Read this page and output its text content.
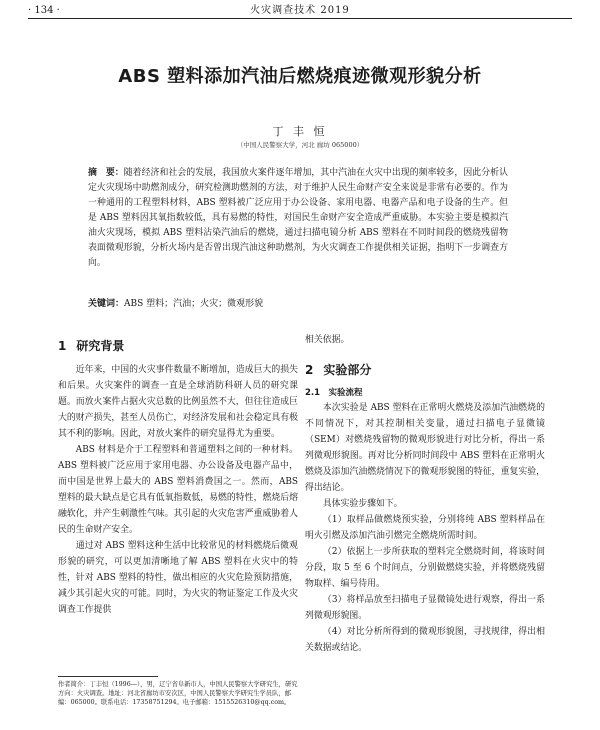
· 134 ·	火灾调查技术 2019
ABS 塑料添加汽油后燃烧痕迹微观形貌分析
丁 丰 恒
（中国人民警察大学，河北 廊坊 065000）
摘　要：随着经济和社会的发展，我国放火案件逐年增加，其中汽油在火灾中出现的频率较多，因此分析认定火灾现场中助燃剂成分，研究检测助燃剂的方法，对于维护人民生命财产安全来说是非常有必要的。作为一种通用的工程塑料材料，ABS 塑料被广泛应用于办公设备、家用电器、电器产品和电子设备的生产。但是 ABS 塑料因其氧指数较低，具有易燃的特性，对国民生命财产安全造成严重威胁。本实验主要是模拟汽油火灾现场，模拟 ABS 塑料沾染汽油后的燃烧，通过扫描电镜分析 ABS 塑料在不同时间段的燃烧残留物表面微观形貌，分析火场内是否曾出现汽油这种助燃剂，为火灾调查工作提供相关证据，指明下一步调查方向。
关键词：ABS 塑料；汽油；火灾；微观形貌
1 研究背景

近年来，中国的火灾事件数量不断增加，造成巨大的损失和后果。火灾案件的调查一直是全球消防科研人员的研究课题。而放火案件占据火灾总数的比例虽然不大，但往往造成巨大的财产损失，甚至人员伤亡，对经济发展和社会稳定具有极其不利的影响。因此，对放火案件的研究显得尤为重要。

ABS 材料是介于工程塑料和普通塑料之间的一种材料。ABS 塑料被广泛应用于家用电器、办公设备及电器产品中，而中国是世界上最大的 ABS 塑料消费国之一。然而，ABS 塑料的最大缺点是它具有低氧指数低，易燃的特性，燃烧后熔融软化，并产生刺激性气味。其引起的火灾危害严重威胁着人民的生命财产安全。

通过对 ABS 塑料这种生活中比较常见的材料燃烧后微观形貌的研究，可以更加清晰地了解 ABS 塑料在火灾中的特性，针对 ABS 塑料的特性，做出相应的火灾危险预防措施，减少其引起火灾的可能。同时，为火灾的物证鉴定工作及火灾调查工作提供

相关依据。

2 实验部分
2.1　实验流程

本次实验是 ABS 塑料在正常明火燃烧及添加汽油燃烧的不同情况下，对其控制相关变量，通过扫描电子显微镜（SEM）对燃烧残留物的微观形貌进行对比分析，得出一系列微观形貌图。再对比分析同时间段中 ABS 塑料在正常明火燃烧及添加汽油燃烧情况下的微观形貌图的特征，重复实验，得出结论。

具体实验步骤如下。

（1）取样品做燃烧预实验，分别将纯 ABS 塑料样品在明火引燃及添加汽油引燃完全燃烧所需时间。

（2）依据上一步所获取的塑料完全燃烧时间，将该时间分段，取 5 至 6 个时间点，分别做燃烧实验，并将燃烧残留物取样、编号待用。

（3）将样品放至扫描电子显微镜处进行观察，得出一系列微观形貌图。

（4）对比分析所得到的微观形貌图，寻找规律，得出相关数据或结论。

作者简介：丁丰恒（1996—），男，辽宁省阜新市人，中国人民警察大学研究生，研究方向：火灾调查。地址：河北省廊坊市安次区，中国人民警察大学研究生学员队，邮编：065000。联系电话：17358751294。电子邮箱：1515526310@qq.com。
